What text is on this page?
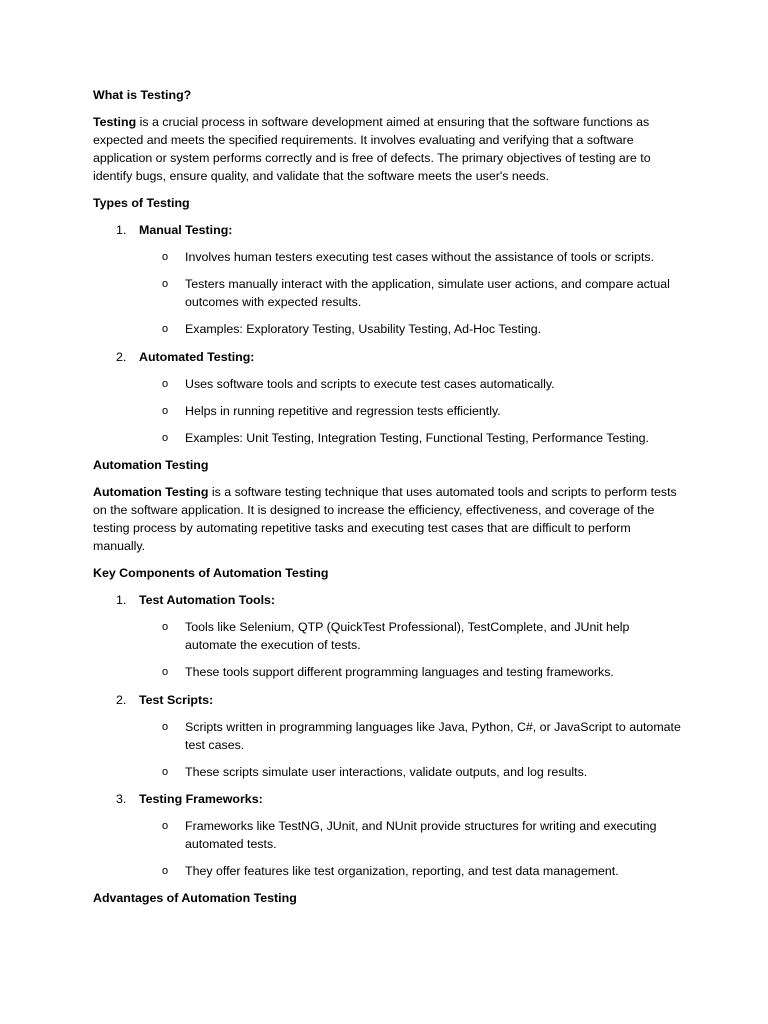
What is Testing?
Testing is a crucial process in software development aimed at ensuring that the software functions as expected and meets the specified requirements. It involves evaluating and verifying that a software application or system performs correctly and is free of defects. The primary objectives of testing are to identify bugs, ensure quality, and validate that the software meets the user's needs.
Types of Testing
1. Manual Testing:
o Involves human testers executing test cases without the assistance of tools or scripts.
o Testers manually interact with the application, simulate user actions, and compare actual outcomes with expected results.
o Examples: Exploratory Testing, Usability Testing, Ad-Hoc Testing.
2. Automated Testing:
o Uses software tools and scripts to execute test cases automatically.
o Helps in running repetitive and regression tests efficiently.
o Examples: Unit Testing, Integration Testing, Functional Testing, Performance Testing.
Automation Testing
Automation Testing is a software testing technique that uses automated tools and scripts to perform tests on the software application. It is designed to increase the efficiency, effectiveness, and coverage of the testing process by automating repetitive tasks and executing test cases that are difficult to perform manually.
Key Components of Automation Testing
1. Test Automation Tools:
o Tools like Selenium, QTP (QuickTest Professional), TestComplete, and JUnit help automate the execution of tests.
o These tools support different programming languages and testing frameworks.
2. Test Scripts:
o Scripts written in programming languages like Java, Python, C#, or JavaScript to automate test cases.
o These scripts simulate user interactions, validate outputs, and log results.
3. Testing Frameworks:
o Frameworks like TestNG, JUnit, and NUnit provide structures for writing and executing automated tests.
o They offer features like test organization, reporting, and test data management.
Advantages of Automation Testing
